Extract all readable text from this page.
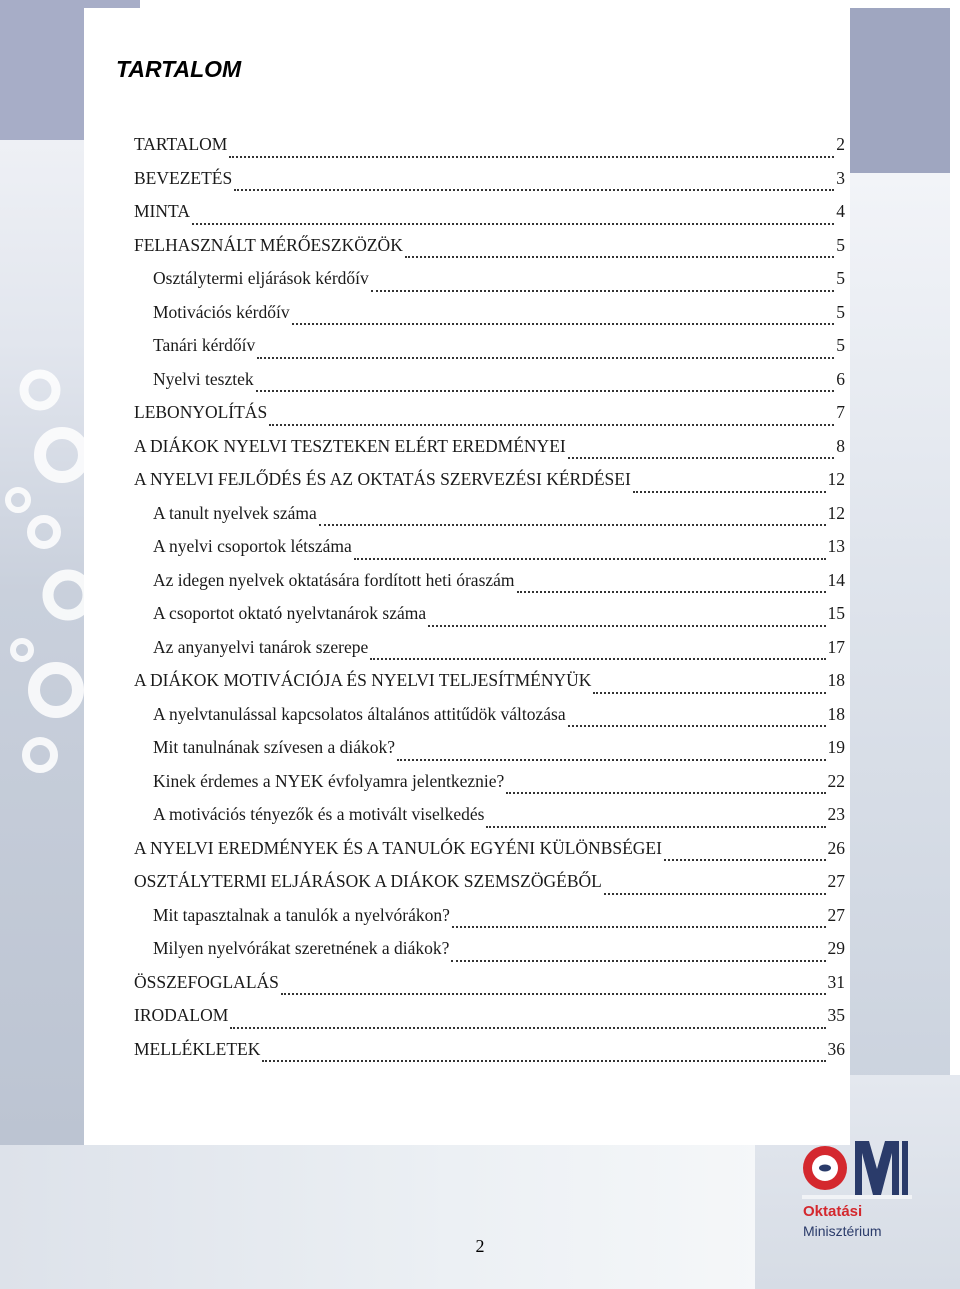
TARTALOM
TARTALOM	2
BEVEZETÉS	3
MINTA	4
FELHASZNÁLT MÉRŐESZKÖZÖK	5
Osztálytermi eljárások kérdőív	5
Motivációs kérdőív	5
Tanári kérdőív	5
Nyelvi tesztek	6
LEBONYOLÍTÁS	7
A DIÁKOK NYELVI TESZTEKEN ELÉRT EREDMÉNYEI	8
A NYELVI FEJLŐDÉS ÉS AZ OKTATÁS SZERVEZÉSI KÉRDÉSEI	12
A tanult nyelvek száma	12
A nyelvi csoportok létszáma	13
Az idegen nyelvek oktatására fordított heti óraszám	14
A csoportot oktató nyelvtanárok száma	15
Az anyanyelvi tanárok szerepe	17
A DIÁKOK MOTIVÁCIÓJA ÉS NYELVI TELJESÍTMÉNYÜK	18
A nyelvtanulással kapcsolatos általános attitűdök változása	18
Mit tanulnának szívesen a diákok?	19
Kinek érdemes a NYEK évfolyamra jelentkeznie?	22
A motivációs tényezők és a motivált viselkedés	23
A NYELVI EREDMÉNYEK ÉS A TANULÓK EGYÉNI KÜLÖNBSÉGEI	26
OSZTÁLYTERMI ELJÁRÁSOK A DIÁKOK SZEMSZÖGÉBŐL	27
Mit tapasztalnak a tanulók a nyelvórákon?	27
Milyen nyelvórákat szeretnének a diákok?	29
ÖSSZEFOGLALÁS	31
IRODALOM	35
MELLÉKLETEK	36
2
Oktatási
Minisztérium
